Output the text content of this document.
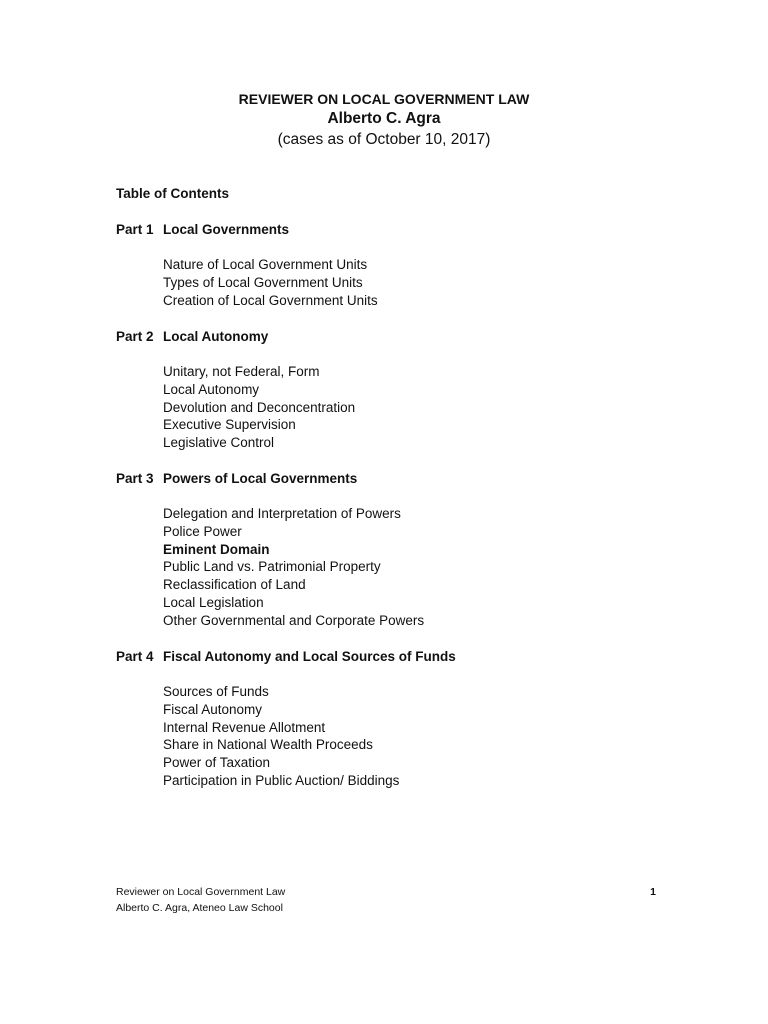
REVIEWER ON LOCAL GOVERNMENT LAW
Alberto C. Agra
(cases as of October 10, 2017)
Table of Contents
Part 1 Local Governments
Nature of Local Government Units
Types of Local Government Units
Creation of Local Government Units
Part 2 Local Autonomy
Unitary, not Federal, Form
Local Autonomy
Devolution and Deconcentration
Executive Supervision
Legislative Control
Part 3 Powers of Local Governments
Delegation and Interpretation of Powers
Police Power
Eminent Domain
Public Land vs. Patrimonial Property
Reclassification of Land
Local Legislation
Other Governmental and Corporate Powers
Part 4 Fiscal Autonomy and Local Sources of Funds
Sources of Funds
Fiscal Autonomy
Internal Revenue Allotment
Share in National Wealth Proceeds
Power of Taxation
Participation in Public Auction/ Biddings
Reviewer on Local Government Law
Alberto C. Agra, Ateneo Law School
1
